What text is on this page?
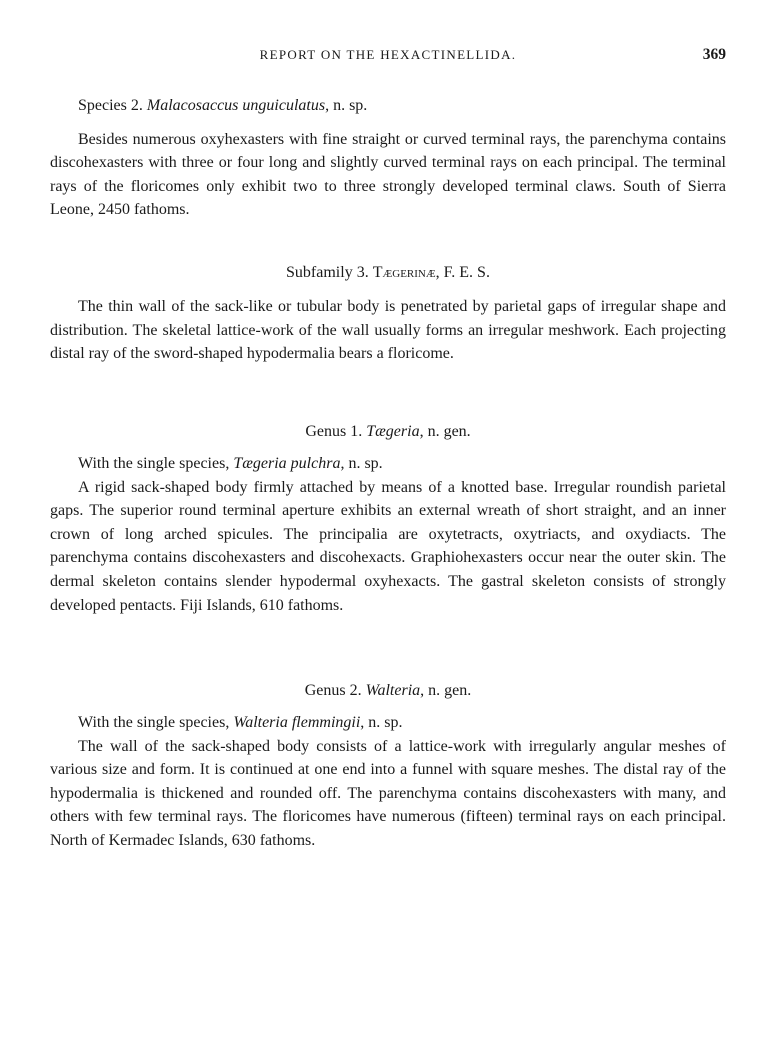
REPORT ON THE HEXACTINELLIDA.	369

Species 2. Malacosaccus unguiculatus, n. sp.

Besides numerous oxyhexasters with fine straight or curved terminal rays, the parenchyma contains discohexasters with three or four long and slightly curved terminal rays on each principal. The terminal rays of the floricomes only exhibit two to three strongly developed terminal claws. South of Sierra Leone, 2450 fathoms.

Subfamily 3. Tægerinæ, F. E. S.

The thin wall of the sack-like or tubular body is penetrated by parietal gaps of irregular shape and distribution. The skeletal lattice-work of the wall usually forms an irregular meshwork. Each projecting distal ray of the sword-shaped hypodermalia bears a floricome.

Genus 1. Tægeria, n. gen.

With the single species, Tægeria pulchra, n. sp.

A rigid sack-shaped body firmly attached by means of a knotted base. Irregular roundish parietal gaps. The superior round terminal aperture exhibits an external wreath of short straight, and an inner crown of long arched spicules. The principalia are oxytetracts, oxytriacts, and oxydiacts. The parenchyma contains discohexasters and discohexacts. Graphiohexasters occur near the outer skin. The dermal skeleton contains slender hypodermal oxyhexacts. The gastral skeleton consists of strongly developed pentacts. Fiji Islands, 610 fathoms.

Genus 2. Walteria, n. gen.

With the single species, Walteria flemmingii, n. sp.

The wall of the sack-shaped body consists of a lattice-work with irregularly angular meshes of various size and form. It is continued at one end into a funnel with square meshes. The distal ray of the hypodermalia is thickened and rounded off. The parenchyma contains discohexasters with many, and others with few terminal rays. The floricomes have numerous (fifteen) terminal rays on each principal. North of Kermadec Islands, 630 fathoms.
